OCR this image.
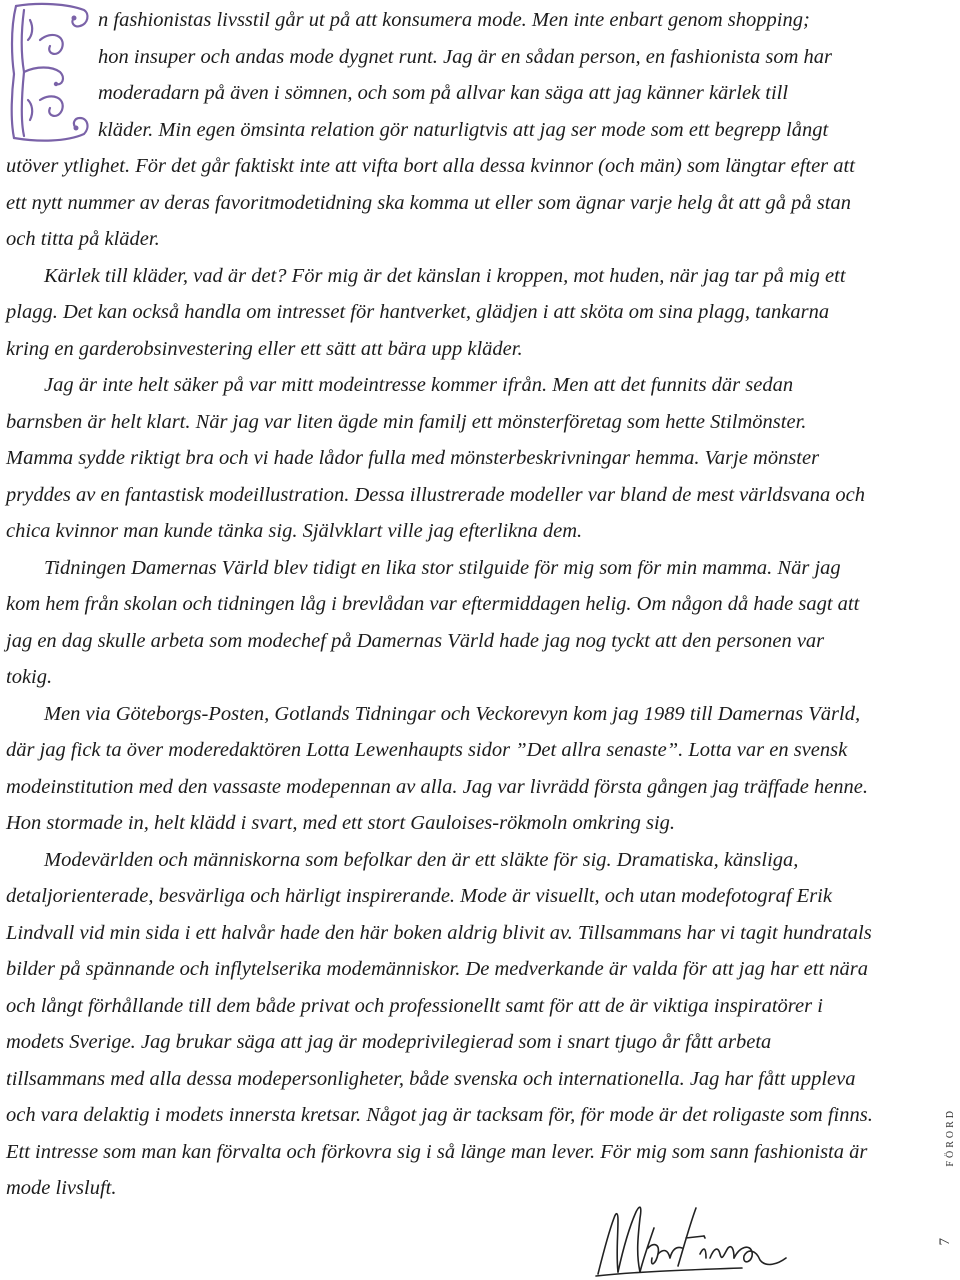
n fashionistas livsstil går ut på att konsumera mode. Men inte enbart genom shopping;
hon insuper och andas mode dygnet runt. Jag är en sådan person, en fashionista som har
moderadarn på även i sömnen, och som på allvar kan säga att jag känner kärlek till
kläder. Min egen ömsinta relation gör naturligtvis att jag ser mode som ett begrepp långt

utöver ytlighet. För det går faktiskt inte att vifta bort alla dessa kvinnor (och män) som längtar efter att ett nytt nummer av deras favoritmodetidning ska komma ut eller som ägnar varje helg åt att gå på stan och titta på kläder.

Kärlek till kläder, vad är det? För mig är det känslan i kroppen, mot huden, när jag tar på mig ett plagg. Det kan också handla om intresset för hantverket, glädjen i att sköta om sina plagg, tankarna kring en garderobsinvestering eller ett sätt att bära upp kläder.

Jag är inte helt säker på var mitt modeintresse kommer ifrån. Men att det funnits där sedan barnsben är helt klart. När jag var liten ägde min familj ett mönsterföretag som hette Stilmönster. Mamma sydde riktigt bra och vi hade lådor fulla med mönsterbeskrivningar hemma. Varje mönster pryddes av en fantastisk modeillustration. Dessa illustrerade modeller var bland de mest världsvana och chica kvinnor man kunde tänka sig. Självklart ville jag efterlikna dem.

Tidningen Damernas Värld blev tidigt en lika stor stilguide för mig som för min mamma. När jag kom hem från skolan och tidningen låg i brevlådan var eftermiddagen helig. Om någon då hade sagt att jag en dag skulle arbeta som modechef på Damernas Värld hade jag nog tyckt att den personen var tokig.

Men via Göteborgs-Posten, Gotlands Tidningar och Veckorevyn kom jag 1989 till Damernas Värld, där jag fick ta över moderedaktören Lotta Lewenhaupts sidor ”Det allra senaste”. Lotta var en svensk modeinstitution med den vassaste modepennan av alla. Jag var livrädd första gången jag träffade henne. Hon stormade in, helt klädd i svart, med ett stort Gauloises-rökmoln omkring sig.

Modevärlden och människorna som befolkar den är ett släkte för sig. Dramatiska, känsliga, detaljorienterade, besvärliga och härligt inspirerande. Mode är visuellt, och utan modefotograf Erik Lindvall vid min sida i ett halvår hade den här boken aldrig blivit av. Tillsammans har vi tagit hundratals bilder på spännande och inflytelserika modemänniskor. De medverkande är valda för att jag har ett nära och långt förhållande till dem både privat och professionellt samt för att de är viktiga inspiratörer i modets Sverige. Jag brukar säga att jag är modeprivilegierad som i snart tjugo år fått arbeta tillsammans med alla dessa modepersonligheter, både svenska och internationella. Jag har fått uppleva och vara delaktig i modets innersta kretsar. Något jag är tacksam för, för mode är det roligaste som finns. Ett intresse som man kan förvalta och förkovra sig i så länge man lever. För mig som sann fashionista är mode livsluft.

FÖRORD
7
